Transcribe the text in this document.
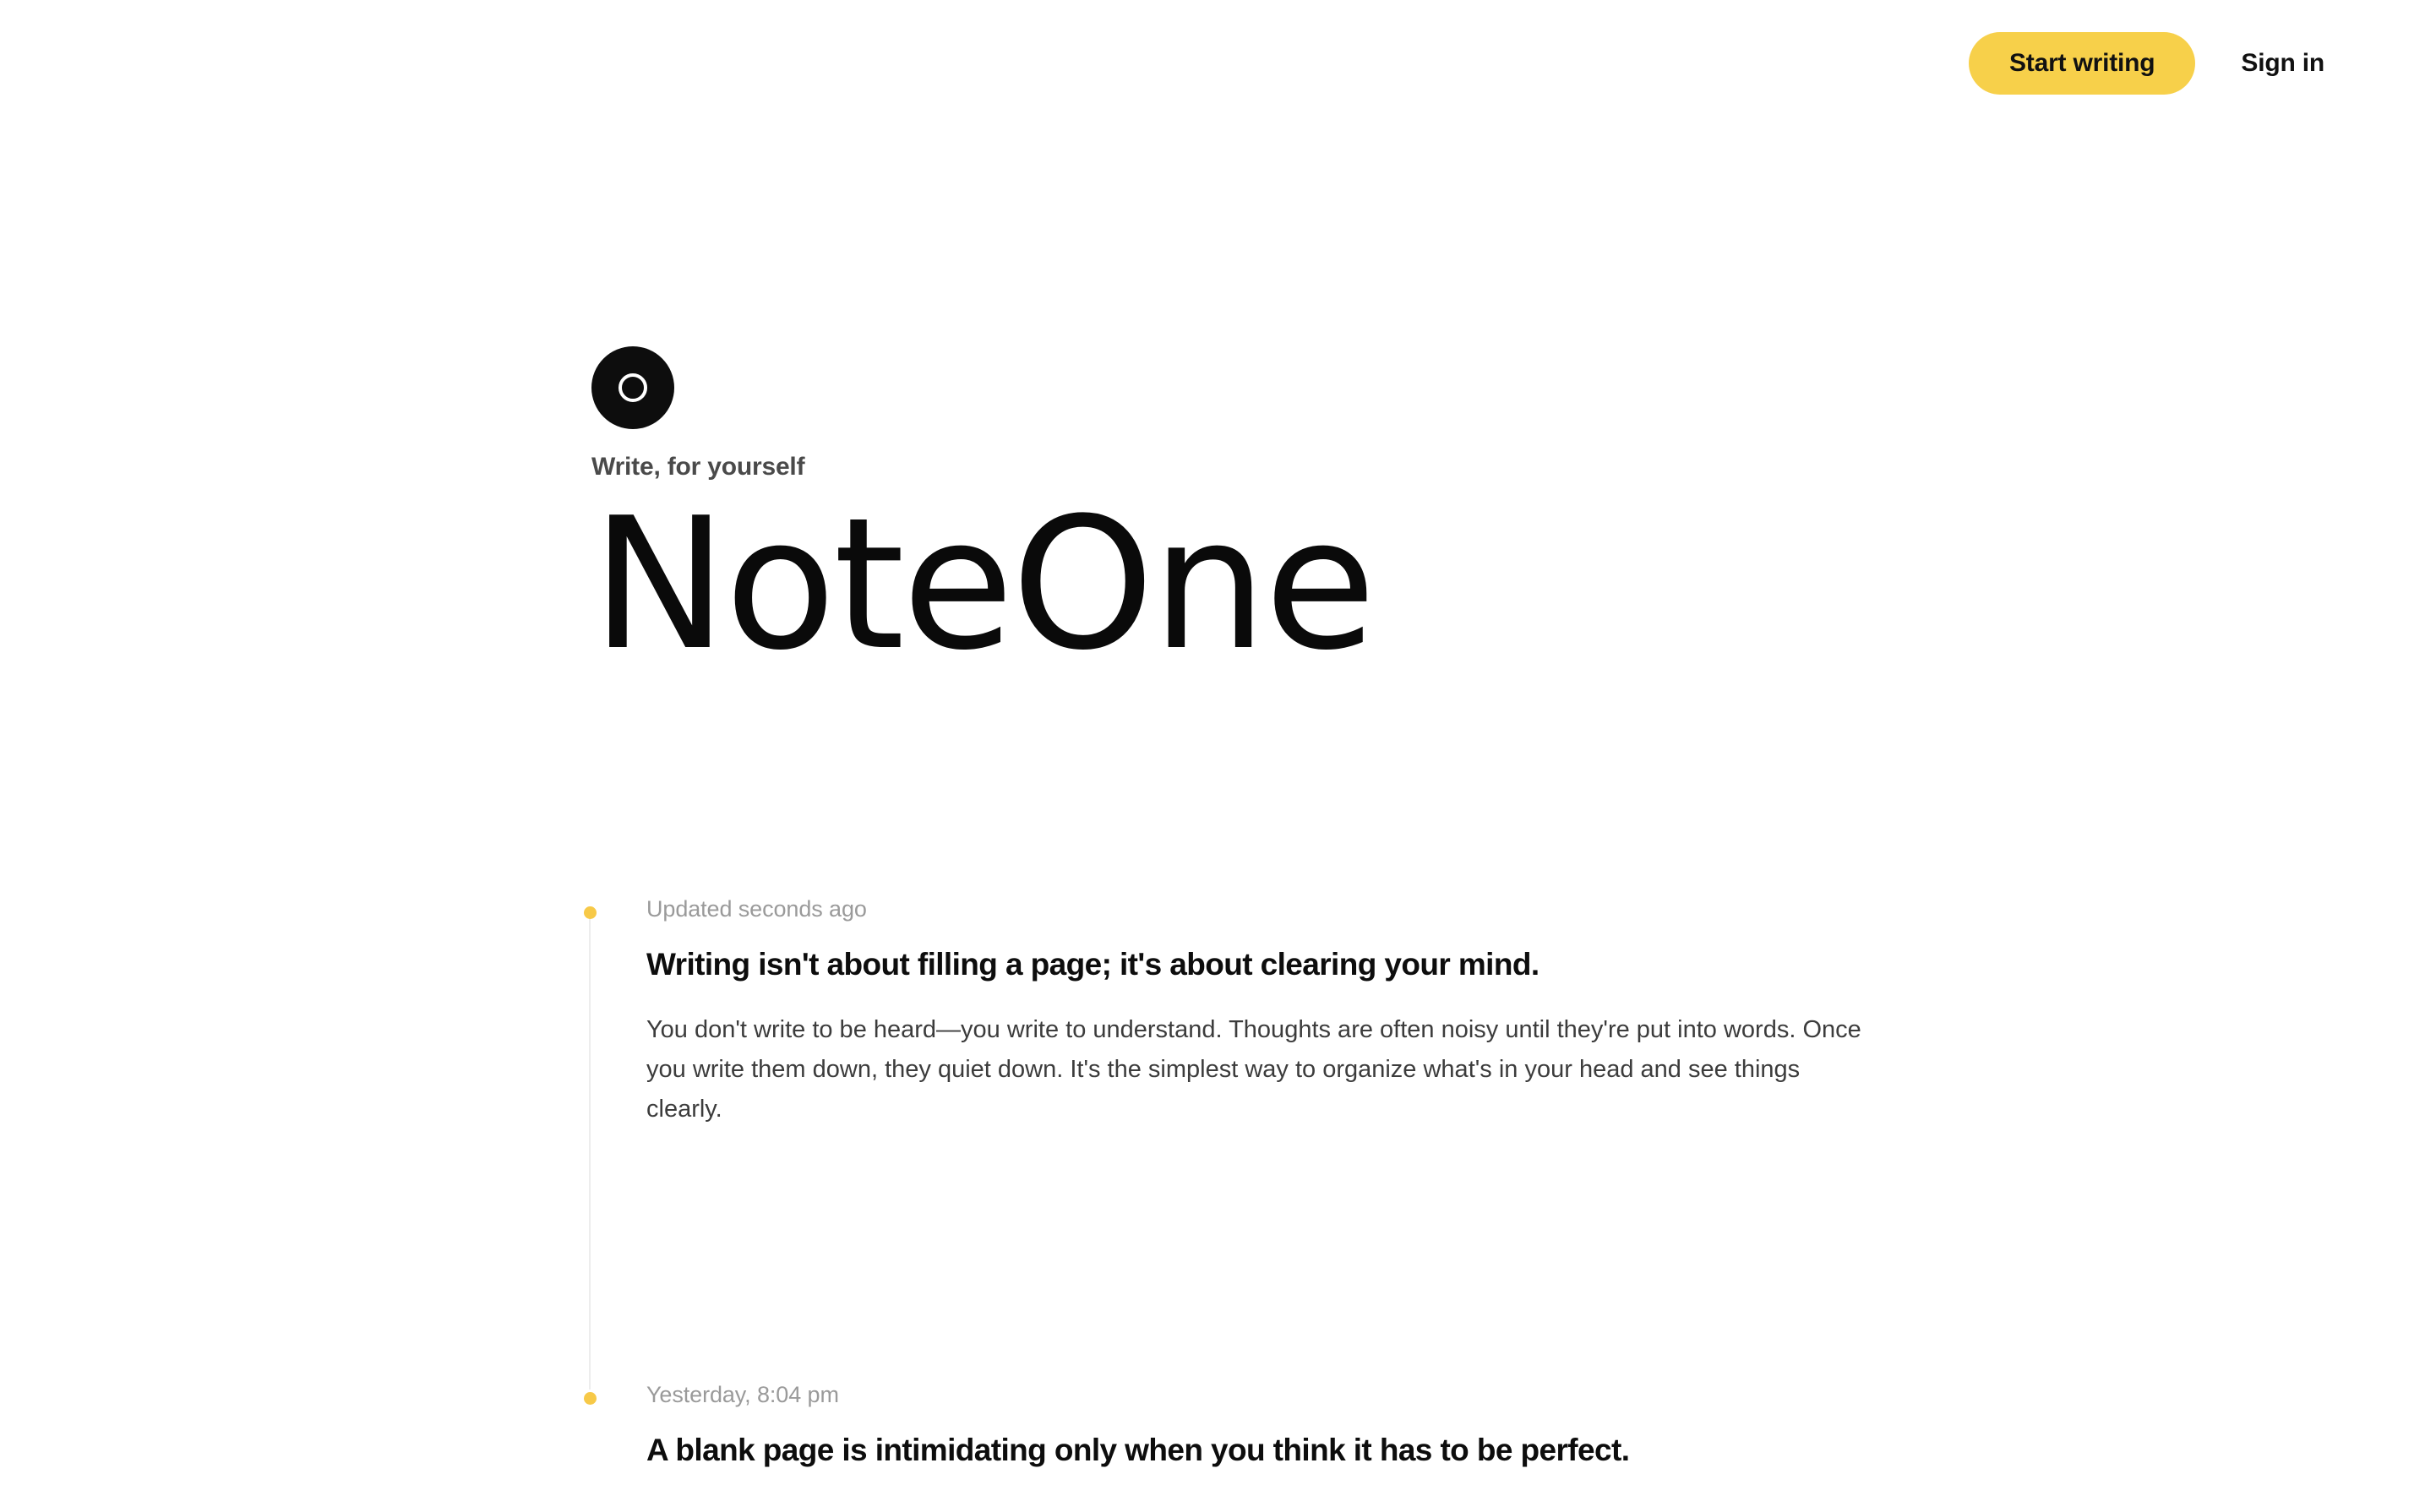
Start writing	Sign in
Write, for yourself
NoteOne
Updated seconds ago
Writing isn't about filling a page; it's about clearing your mind.
You don't write to be heard—you write to understand. Thoughts are often noisy until they're put into words. Once you write them down, they quiet down. It's the simplest way to organize what's in your head and see things clearly.
Yesterday, 8:04 pm
A blank page is intimidating only when you think it has to be perfect.
